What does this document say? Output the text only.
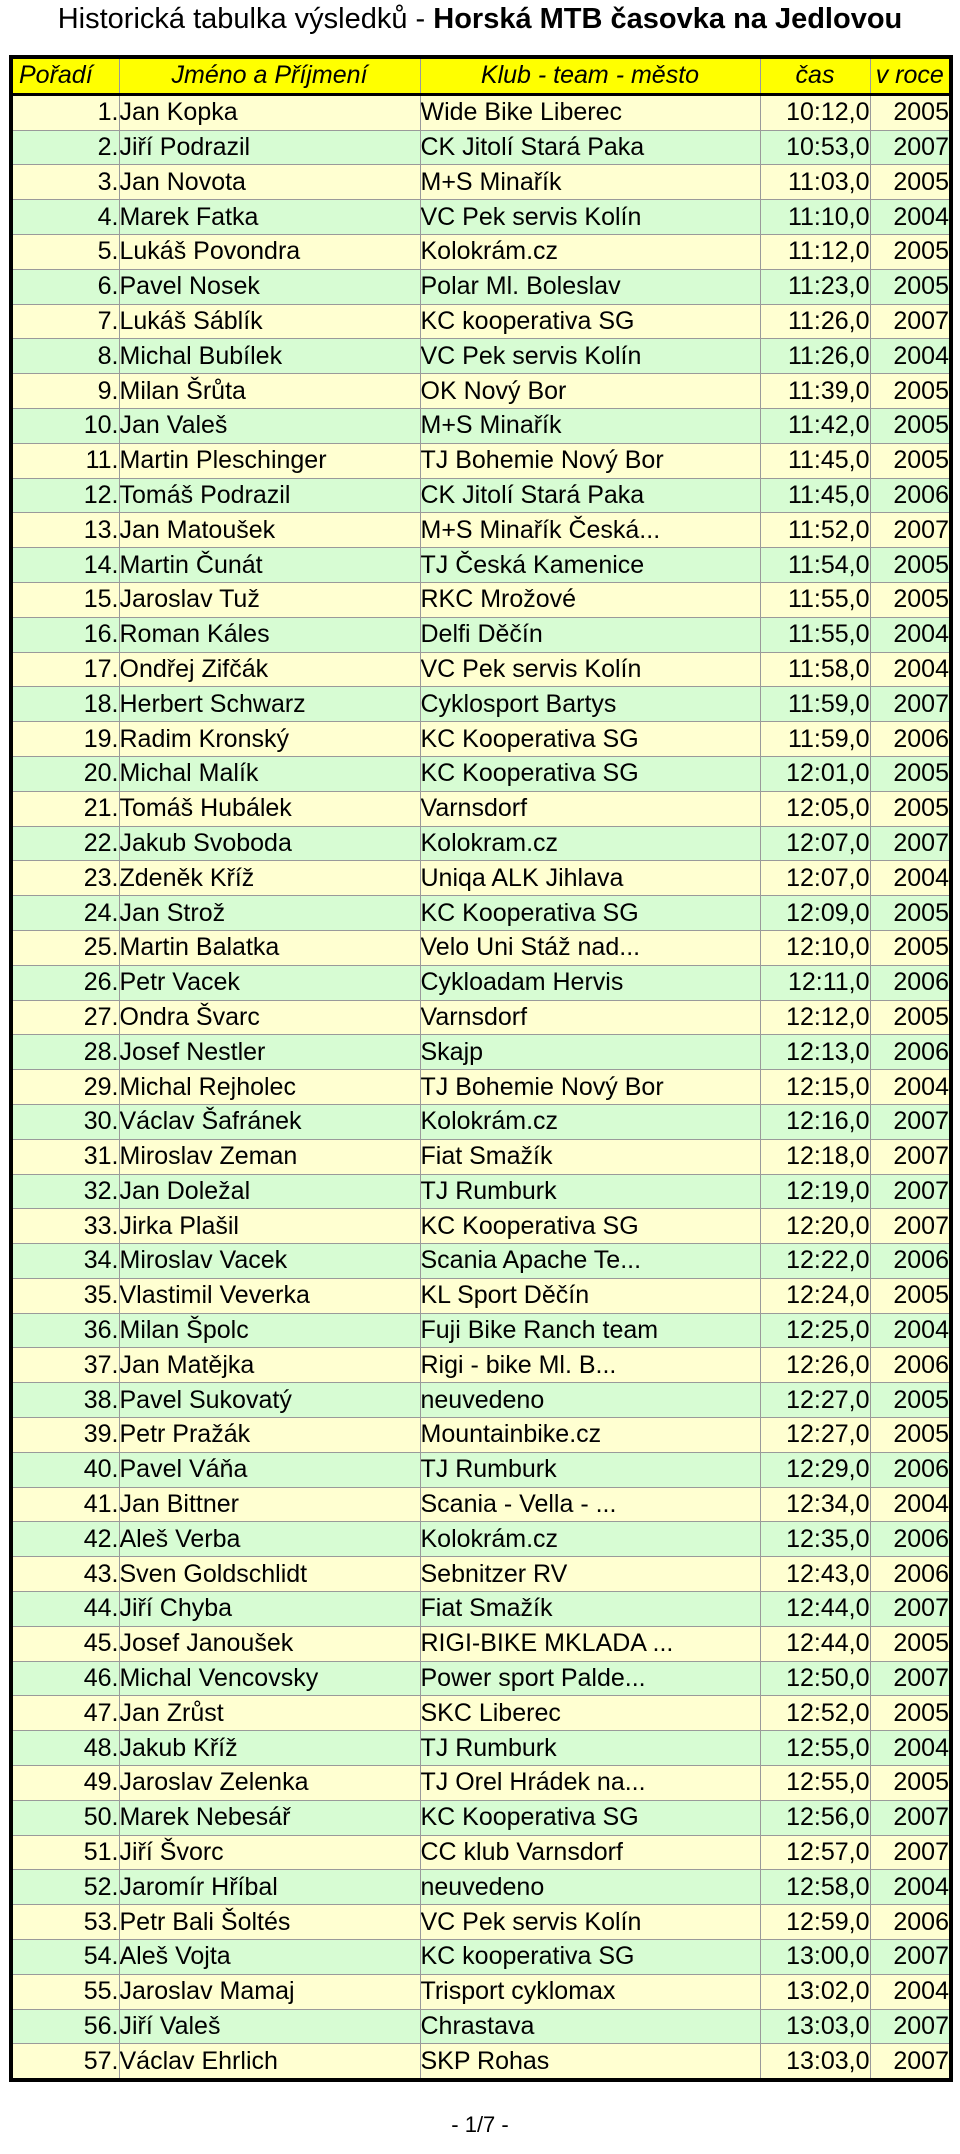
Historická tabulka výsledků - Horská MTB časovka na Jedlovou
Pořadí	Jméno a Příjmení	Klub - team - město	čas	v roce
1.	Jan Kopka	Wide Bike Liberec	10:12,0	2005
2.	Jiří Podrazil	CK Jitolí Stará Paka	10:53,0	2007
3.	Jan Novota	M+S Minařík	11:03,0	2005
4.	Marek Fatka	VC Pek servis Kolín	11:10,0	2004
5.	Lukáš Povondra	Kolokrám.cz	11:12,0	2005
6.	Pavel Nosek	Polar Ml. Boleslav	11:23,0	2005
7.	Lukáš Sáblík	KC kooperativa SG	11:26,0	2007
8.	Michal Bubílek	VC Pek servis Kolín	11:26,0	2004
9.	Milan Šrůta	OK Nový Bor	11:39,0	2005
10.	Jan Valeš	M+S Minařík	11:42,0	2005
11.	Martin Pleschinger	TJ Bohemie Nový Bor	11:45,0	2005
12.	Tomáš Podrazil	CK Jitolí Stará Paka	11:45,0	2006
13.	Jan Matoušek	M+S Minařík Česká...	11:52,0	2007
14.	Martin Čunát	TJ Česká Kamenice	11:54,0	2005
15.	Jaroslav Tuž	RKC Mrožové	11:55,0	2005
16.	Roman Káles	Delfi Děčín	11:55,0	2004
17.	Ondřej Zifčák	VC Pek servis Kolín	11:58,0	2004
18.	Herbert Schwarz	Cyklosport Bartys	11:59,0	2007
19.	Radim Kronský	KC Kooperativa SG	11:59,0	2006
20.	Michal Malík	KC Kooperativa SG	12:01,0	2005
21.	Tomáš Hubálek	Varnsdorf	12:05,0	2005
22.	Jakub Svoboda	Kolokram.cz	12:07,0	2007
23.	Zdeněk Kříž	Uniqa ALK Jihlava	12:07,0	2004
24.	Jan Strož	KC Kooperativa SG	12:09,0	2005
25.	Martin Balatka	Velo Uni Stáž nad...	12:10,0	2005
26.	Petr Vacek	Cykloadam Hervis	12:11,0	2006
27.	Ondra Švarc	Varnsdorf	12:12,0	2005
28.	Josef Nestler	Skajp	12:13,0	2006
29.	Michal Rejholec	TJ Bohemie Nový Bor	12:15,0	2004
30.	Václav Šafránek	Kolokrám.cz	12:16,0	2007
31.	Miroslav Zeman	Fiat Smažík	12:18,0	2007
32.	Jan Doležal	TJ Rumburk	12:19,0	2007
33.	Jirka Plašil	KC Kooperativa SG	12:20,0	2007
34.	Miroslav Vacek	Scania Apache Te...	12:22,0	2006
35.	Vlastimil Veverka	KL Sport Děčín	12:24,0	2005
36.	Milan Špolc	Fuji Bike Ranch team	12:25,0	2004
37.	Jan Matějka	Rigi - bike Ml. B...	12:26,0	2006
38.	Pavel Sukovatý	neuvedeno	12:27,0	2005
39.	Petr Pražák	Mountainbike.cz	12:27,0	2005
40.	Pavel Váňa	TJ Rumburk	12:29,0	2006
41.	Jan Bittner	Scania - Vella - ...	12:34,0	2004
42.	Aleš Verba	Kolokrám.cz	12:35,0	2006
43.	Sven Goldschlidt	Sebnitzer RV	12:43,0	2006
44.	Jiří Chyba	Fiat Smažík	12:44,0	2007
45.	Josef Janoušek	RIGI-BIKE MKLADA ...	12:44,0	2005
46.	Michal Vencovsky	Power sport Palde...	12:50,0	2007
47.	Jan Zrůst	SKC Liberec	12:52,0	2005
48.	Jakub Kříž	TJ Rumburk	12:55,0	2004
49.	Jaroslav Zelenka	TJ Orel Hrádek na...	12:55,0	2005
50.	Marek Nebesář	KC Kooperativa SG	12:56,0	2007
51.	Jiří Švorc	CC klub Varnsdorf	12:57,0	2007
52.	Jaromír Hříbal	neuvedeno	12:58,0	2004
53.	Petr Bali Šoltés	VC Pek servis Kolín	12:59,0	2006
54.	Aleš Vojta	KC kooperativa SG	13:00,0	2007
55.	Jaroslav Mamaj	Trisport cyklomax	13:02,0	2004
56.	Jiří Valeš	Chrastava	13:03,0	2007
57.	Václav Ehrlich	SKP Rohas	13:03,0	2007
- 1/7 -
